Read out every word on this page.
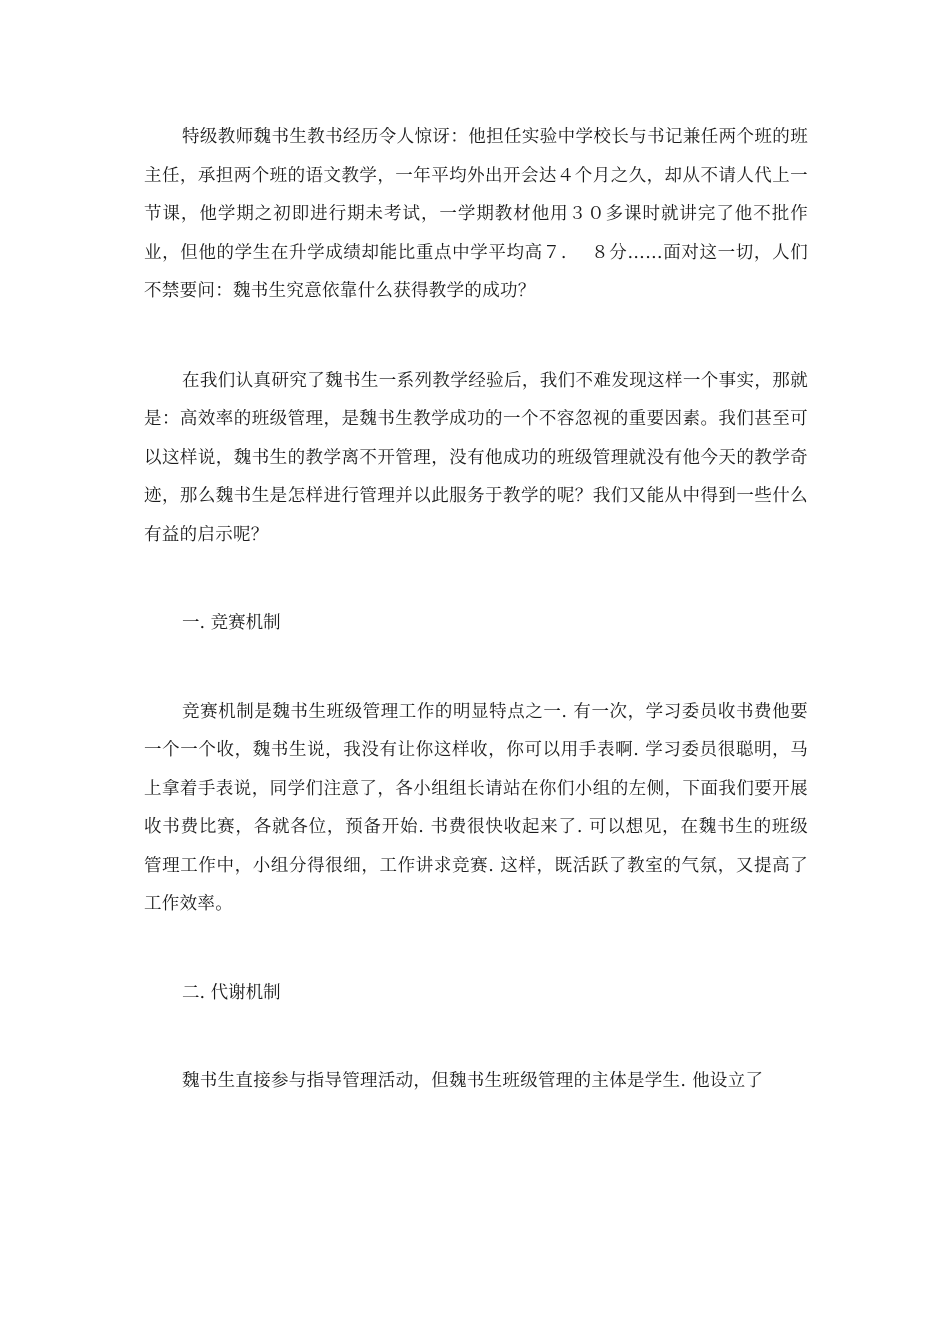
特级教师魏书生教书经历令人惊讶：他担任实验中学校长与书记兼任两个班的班主任，承担两个班的语文教学，一年平均外出开会达４个月之久，却从不请人代上一节课，他学期之初即进行期未考试，一学期教材他用３０多课时就讲完了他不批作业，但他的学生在升学成绩却能比重点中学平均高７. 　８分……面对这一切，人们不禁要问：魏书生究意依靠什么获得教学的成功？

在我们认真研究了魏书生一系列教学经验后，我们不难发现这样一个事实，那就是：高效率的班级管理，是魏书生教学成功的一个不容忽视的重要因素。我们甚至可以这样说，魏书生的教学离不开管理，没有他成功的班级管理就没有他今天的教学奇迹，那么魏书生是怎样进行管理并以此服务于教学的呢？我们又能从中得到一些什么有益的启示呢？

一. 竞赛机制

竞赛机制是魏书生班级管理工作的明显特点之一. 有一次，学习委员收书费他要一个一个收，魏书生说，我没有让你这样收，你可以用手表啊. 学习委员很聪明，马上拿着手表说，同学们注意了，各小组组长请站在你们小组的左侧，下面我们要开展收书费比赛，各就各位，预备开始. 书费很快收起来了. 可以想见，在魏书生的班级管理工作中，小组分得很细，工作讲求竞赛. 这样，既活跃了教室的气氛，又提高了工作效率。

二. 代谢机制

魏书生直接参与指导管理活动，但魏书生班级管理的主体是学生. 他设立了
